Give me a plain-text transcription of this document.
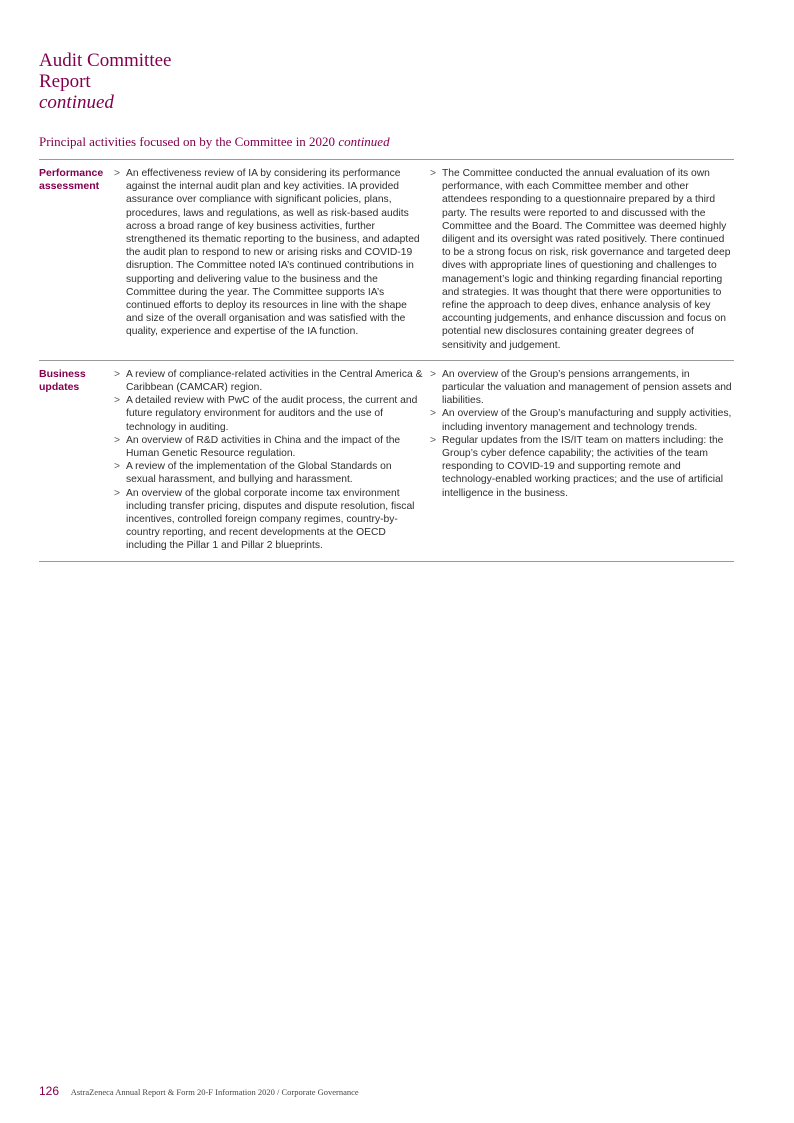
Audit Committee
Report
continued
Principal activities focused on by the Committee in 2020 continued
Performance
assessment
> An effectiveness review of IA by considering its performance against the internal audit plan and key activities. IA provided assurance over compliance with significant policies, plans, procedures, laws and regulations, as well as risk-based audits across a broad range of key business activities, further strengthened its thematic reporting to the business, and adapted the audit plan to respond to new or arising risks and COVID-19 disruption. The Committee noted IA’s continued contributions in supporting and delivering value to the business and the Committee during the year. The Committee supports IA’s continued efforts to deploy its resources in line with the shape and size of the overall organisation and was satisfied with the quality, experience and expertise of the IA function.
> The Committee conducted the annual evaluation of its own performance, with each Committee member and other attendees responding to a questionnaire prepared by a third party. The results were reported to and discussed with the Committee and the Board. The Committee was deemed highly diligent and its oversight was rated positively. There continued to be a strong focus on risk, risk governance and targeted deep dives with appropriate lines of questioning and challenges to management’s logic and thinking regarding financial reporting and strategies. It was thought that there were opportunities to refine the approach to deep dives, enhance analysis of key accounting judgements, and enhance discussion and focus on potential new disclosures containing greater degrees of sensitivity and judgement.
Business
updates
> A review of compliance-related activities in the Central America & Caribbean (CAMCAR) region.
> A detailed review with PwC of the audit process, the current and future regulatory environment for auditors and the use of technology in auditing.
> An overview of R&D activities in China and the impact of the Human Genetic Resource regulation.
> A review of the implementation of the Global Standards on sexual harassment, and bullying and harassment.
> An overview of the global corporate income tax environment including transfer pricing, disputes and dispute resolution, fiscal incentives, controlled foreign company regimes, country-by-country reporting, and recent developments at the OECD including the Pillar 1 and Pillar 2 blueprints.
> An overview of the Group’s pensions arrangements, in particular the valuation and management of pension assets and liabilities.
> An overview of the Group’s manufacturing and supply activities, including inventory management and technology trends.
> Regular updates from the IS/IT team on matters including: the Group’s cyber defence capability; the activities of the team responding to COVID-19 and supporting remote and technology-enabled working practices; and the use of artificial intelligence in the business.
126 AstraZeneca Annual Report & Form 20-F Information 2020 / Corporate Governance
